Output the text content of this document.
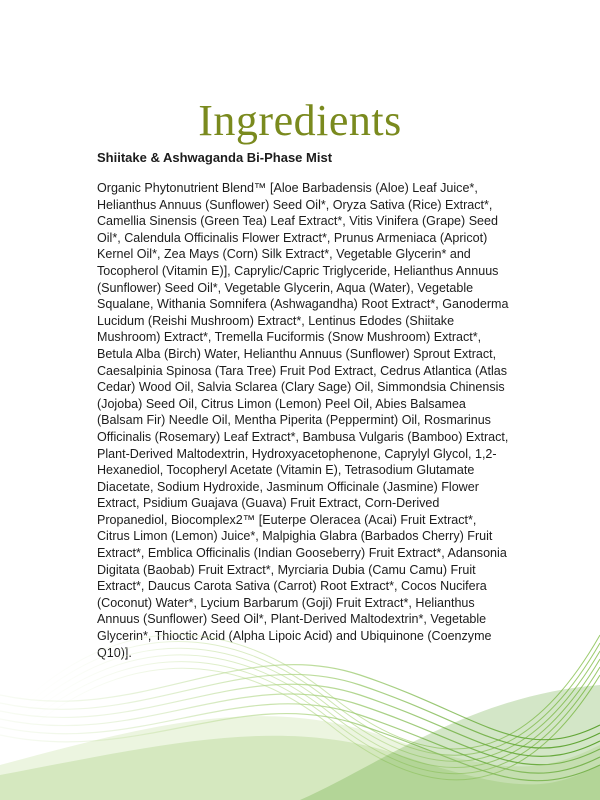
Ingredients
Shiitake & Ashwaganda Bi-Phase Mist

Organic Phytonutrient Blend™ [Aloe Barbadensis (Aloe) Leaf Juice*, Helianthus Annuus (Sunflower) Seed Oil*, Oryza Sativa (Rice) Extract*, Camellia Sinensis (Green Tea) Leaf Extract*, Vitis Vinifera (Grape) Seed Oil*, Calendula Officinalis Flower Extract*, Prunus Armeniaca (Apricot) Kernel Oil*, Zea Mays (Corn) Silk Extract*, Vegetable Glycerin* and Tocopherol (Vitamin E)], Caprylic/Capric Triglyceride, Helianthus Annuus (Sunflower) Seed Oil*, Vegetable Glycerin, Aqua (Water), Vegetable Squalane, Withania Somnifera (Ashwagandha) Root Extract*, Ganoderma Lucidum (Reishi Mushroom) Extract*, Lentinus Edodes (Shiitake Mushroom) Extract*, Tremella Fuciformis (Snow Mushroom) Extract*, Betula Alba (Birch) Water, Helianthu Annuus (Sunflower) Sprout Extract, Caesalpinia Spinosa (Tara Tree) Fruit Pod Extract, Cedrus Atlantica (Atlas Cedar) Wood Oil, Salvia Sclarea (Clary Sage) Oil, Simmondsia Chinensis (Jojoba) Seed Oil, Citrus Limon (Lemon) Peel Oil, Abies Balsamea (Balsam Fir) Needle Oil, Mentha Piperita (Peppermint) Oil, Rosmarinus Officinalis (Rosemary) Leaf Extract*, Bambusa Vulgaris (Bamboo) Extract, Plant-Derived Maltodextrin, Hydroxyacetophenone, Caprylyl Glycol, 1,2-Hexanediol, Tocopheryl Acetate (Vitamin E), Tetrasodium Glutamate Diacetate, Sodium Hydroxide, Jasminum Officinale (Jasmine) Flower Extract, Psidium Guajava (Guava) Fruit Extract, Corn-Derived Propanediol, Biocomplex2™ [Euterpe Oleracea (Acai) Fruit Extract*, Citrus Limon (Lemon) Juice*, Malpighia Glabra (Barbados Cherry) Fruit Extract*, Emblica Officinalis (Indian Gooseberry) Fruit Extract*, Adansonia Digitata (Baobab) Fruit Extract*, Myrciaria Dubia (Camu Camu) Fruit Extract*, Daucus Carota Sativa (Carrot) Root Extract*, Cocos Nucifera (Coconut) Water*, Lycium Barbarum (Goji) Fruit Extract*, Helianthus Annuus (Sunflower) Seed Oil*, Plant-Derived Maltodextrin*, Vegetable Glycerin*, Thioctic Acid (Alpha Lipoic Acid) and Ubiquinone (Coenzyme Q10)].
